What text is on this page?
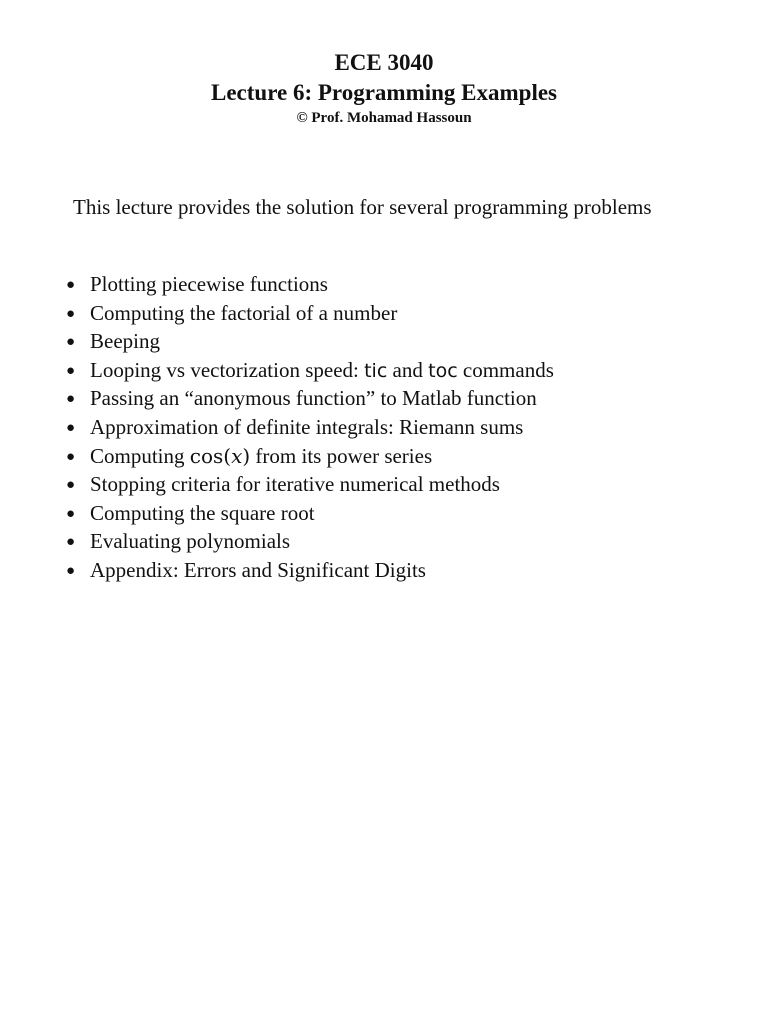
ECE 3040

Lecture 6: Programming Examples

© Prof. Mohamad Hassoun

This lecture provides the solution for several programming problems

● Plotting piecewise functions
● Computing the factorial of a number
● Beeping
● Looping vs vectorization speed: tic and toc commands
● Passing an “anonymous function” to Matlab function
● Approximation of definite integrals: Riemann sums
● Computing cos(x) from its power series
● Stopping criteria for iterative numerical methods
● Computing the square root
● Evaluating polynomials
● Appendix: Errors and Significant Digits
